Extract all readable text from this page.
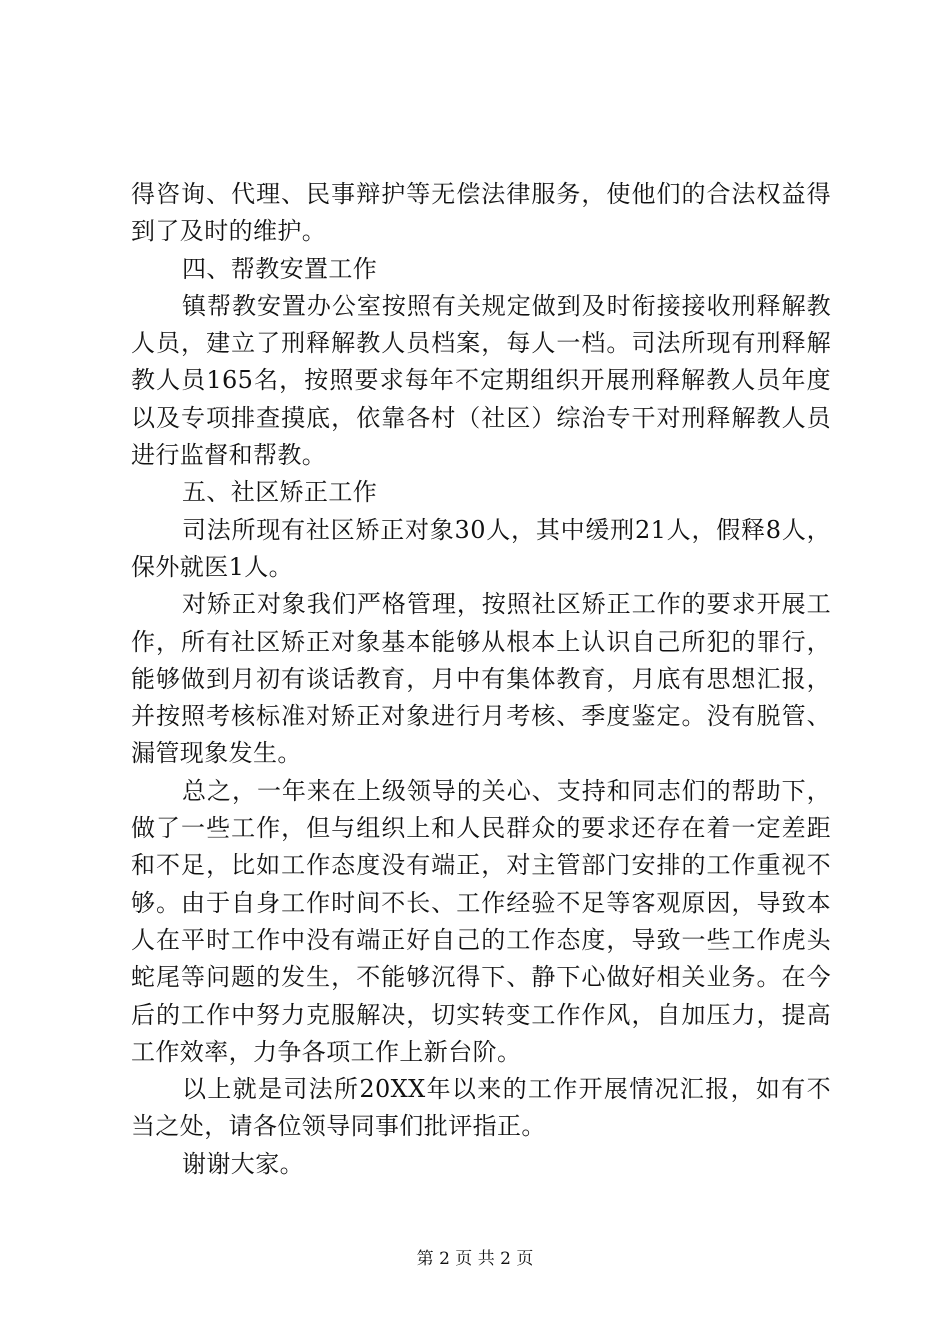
得咨询、代理、民事辩护等无偿法律服务，使他们的合法权益得到了及时的维护。

四、帮教安置工作

镇帮教安置办公室按照有关规定做到及时衔接接收刑释解教人员，建立了刑释解教人员档案，每人一档。司法所现有刑释解教人员165名，按照要求每年不定期组织开展刑释解教人员年度以及专项排查摸底，依靠各村（社区）综治专干对刑释解教人员进行监督和帮教。

五、社区矫正工作

司法所现有社区矫正对象30人，其中缓刑21人，假释8人，保外就医1人。

对矫正对象我们严格管理，按照社区矫正工作的要求开展工作，所有社区矫正对象基本能够从根本上认识自己所犯的罪行，能够做到月初有谈话教育，月中有集体教育，月底有思想汇报，并按照考核标准对矫正对象进行月考核、季度鉴定。没有脱管、漏管现象发生。

总之，一年来在上级领导的关心、支持和同志们的帮助下，做了一些工作，但与组织上和人民群众的要求还存在着一定差距和不足，比如工作态度没有端正，对主管部门安排的工作重视不够。由于自身工作时间不长、工作经验不足等客观原因，导致本人在平时工作中没有端正好自己的工作态度，导致一些工作虎头蛇尾等问题的发生，不能够沉得下、静下心做好相关业务。在今后的工作中努力克服解决，切实转变工作作风，自加压力，提高工作效率，力争各项工作上新台阶。

以上就是司法所20XX年以来的工作开展情况汇报，如有不当之处，请各位领导同事们批评指正。

谢谢大家。

第 2 页 共 2 页
